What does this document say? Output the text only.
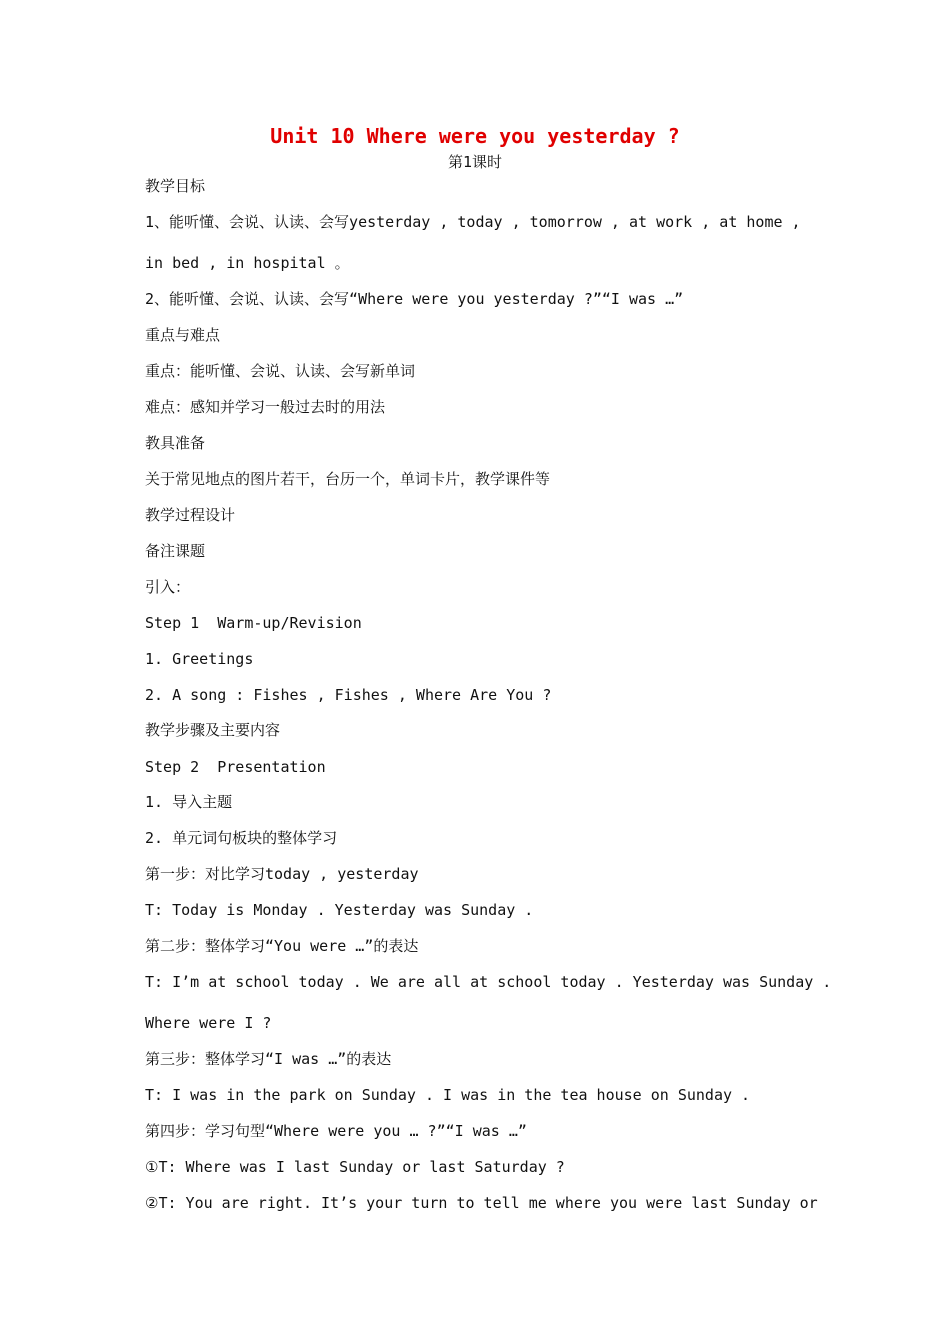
Unit 10 Where were you yesterday ?
第1课时
教学目标
1、能听懂、会说、认读、会写yesterday , today , tomorrow , at work , at home ,
in bed , in hospital 。
2、能听懂、会说、认读、会写“Where were you yesterday ?”“I was …”
重点与难点
重点：能听懂、会说、认读、会写新单词
难点：感知并学习一般过去时的用法
教具准备
关于常见地点的图片若干，台历一个，单词卡片，教学课件等
教学过程设计
备注课题
引入：
Step 1  Warm-up/Revision
1. Greetings
2. A song : Fishes , Fishes , Where Are You ?
教学步骤及主要内容
Step 2  Presentation
1. 导入主题
2. 单元词句板块的整体学习
第一步：对比学习today , yesterday
T: Today is Monday . Yesterday was Sunday .
第二步：整体学习“You were …”的表达
T: I’m at school today . We are all at school today . Yesterday was Sunday .
Where were I ?
第三步：整体学习“I was …”的表达
T: I was in the park on Sunday . I was in the tea house on Sunday .
第四步：学习句型“Where were you … ?”“I was …”
①T: Where was I last Sunday or last Saturday ?
②T: You are right. It’s your turn to tell me where you were last Sunday or
